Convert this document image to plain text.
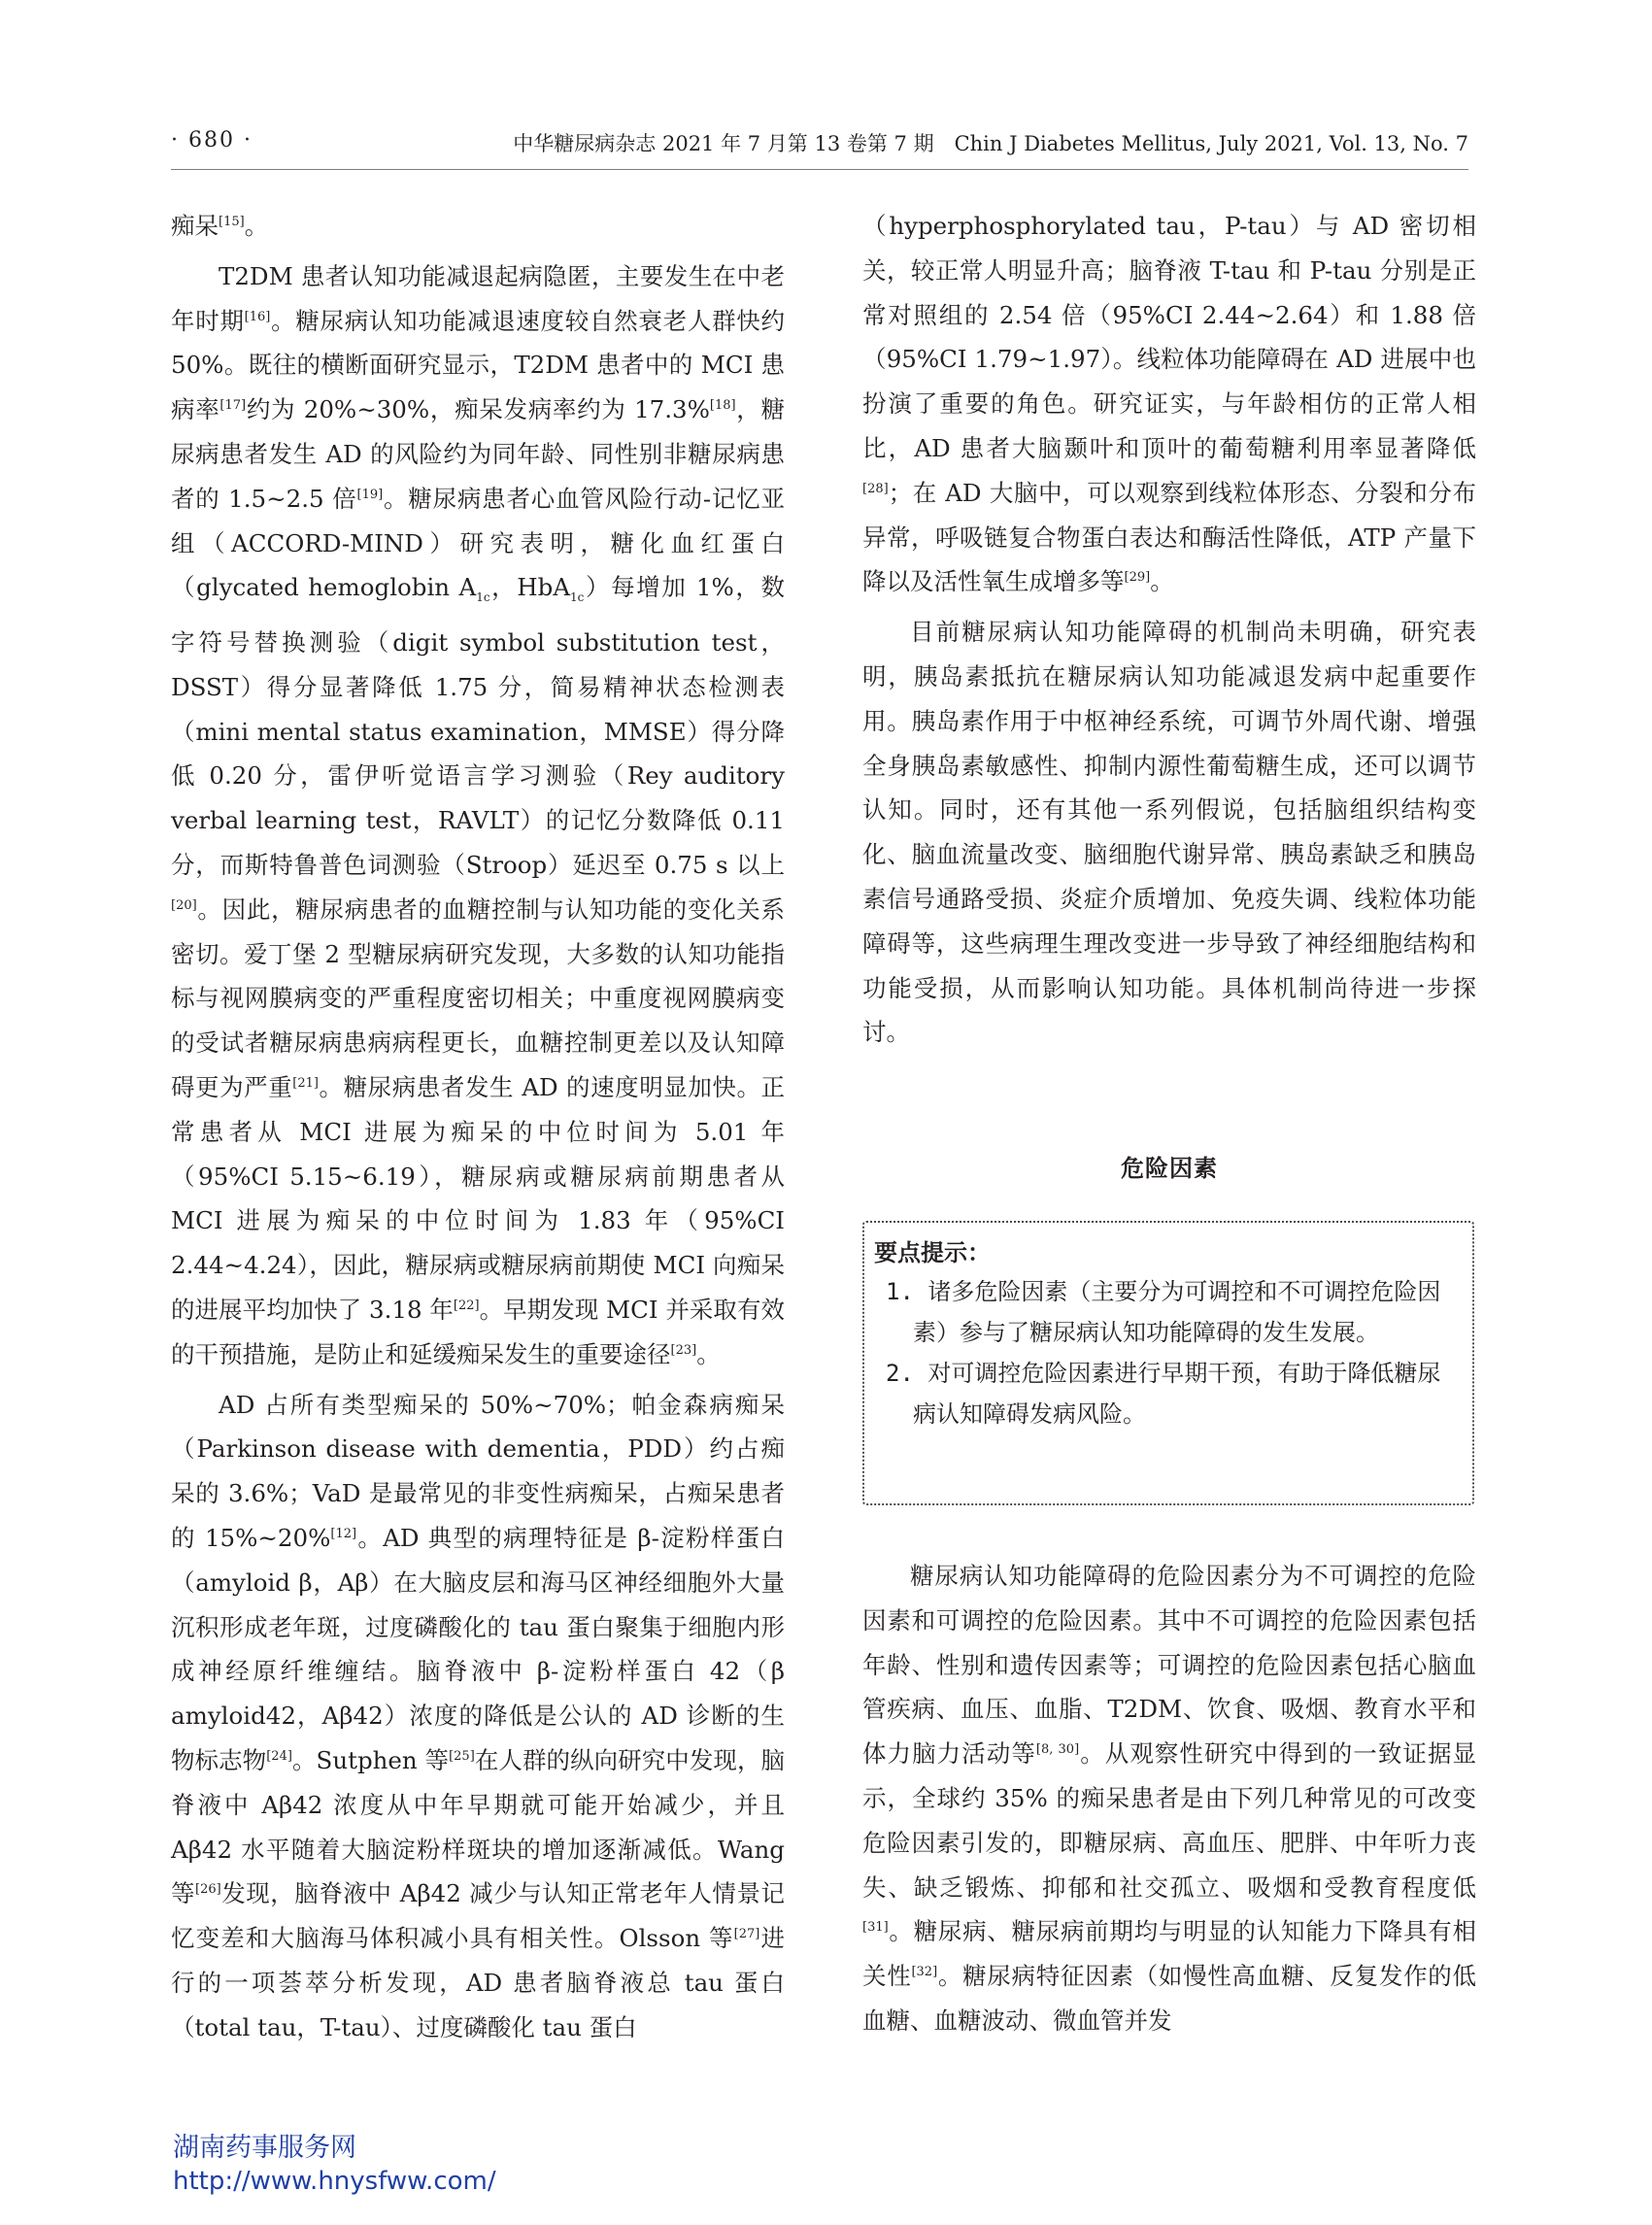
· 680 ·	中华糖尿病杂志 2021 年 7 月第 13 卷第 7 期　Chin J Diabetes Mellitus, July 2021, Vol. 13, No. 7

痴呆[15]。

T2DM 患者认知功能减退起病隐匿，主要发生在中老年时期[16]。糖尿病认知功能减退速度较自然衰老人群快约 50%。既往的横断面研究显示，T2DM 患者中的 MCI 患病率[17]约为 20%~30%，痴呆发病率约为 17.3%[18]，糖尿病患者发生 AD 的风险约为同年龄、同性别非糖尿病患者的 1.5~2.5 倍[19]。糖尿病患者心血管风险行动-记忆亚组（ACCORD-MIND）研究表明，糖化血红蛋白（glycated hemoglobin $A_{1c}$，HbA$_{1c}$）每增加 1%，数字符号替换测验（digit symbol substitution test，DSST）得分显著降低 1.75 分，简易精神状态检测表（mini mental status examination，MMSE）得分降低 0.20 分，雷伊听觉语言学习测验（Rey auditory verbal learning test，RAVLT）的记忆分数降低 0.11 分，而斯特鲁普色词测验（Stroop）延迟至 0.75 s 以上[20]。因此，糖尿病患者的血糖控制与认知功能的变化关系密切。爱丁堡 2 型糖尿病研究发现，大多数的认知功能指标与视网膜病变的严重程度密切相关；中重度视网膜病变的受试者糖尿病患病病程更长，血糖控制更差以及认知障碍更为严重[21]。糖尿病患者发生 AD 的速度明显加快。正常患者从 MCI 进展为痴呆的中位时间为 5.01 年（95%CI 5.15~6.19），糖尿病或糖尿病前期患者从 MCI 进展为痴呆的中位时间为 1.83 年（95%CI 2.44~4.24），因此，糖尿病或糖尿病前期使 MCI 向痴呆的进展平均加快了 3.18 年[22]。早期发现 MCI 并采取有效的干预措施，是防止和延缓痴呆发生的重要途径[23]。

AD 占所有类型痴呆的 50%~70%；帕金森病痴呆（Parkinson disease with dementia，PDD）约占痴呆的 3.6%；VaD 是最常见的非变性病痴呆，占痴呆患者的 15%~20%[12]。AD 典型的病理特征是 β-淀粉样蛋白（amyloid β，Aβ）在大脑皮层和海马区神经细胞外大量沉积形成老年斑，过度磷酸化的 tau 蛋白聚集于细胞内形成神经原纤维缠结。脑脊液中 β-淀粉样蛋白 42（β amyloid42，Aβ42）浓度的降低是公认的 AD 诊断的生物标志物[24]。Sutphen 等[25]在人群的纵向研究中发现，脑脊液中 Aβ42 浓度从中年早期就可能开始减少，并且 Aβ42 水平随着大脑淀粉样斑块的增加逐渐减低。Wang 等[26]发现，脑脊液中 Aβ42 减少与认知正常老年人情景记忆变差和大脑海马体积减小具有相关性。Olsson 等[27]进行的一项荟萃分析发现，AD 患者脑脊液总 tau 蛋白（total tau，T-tau）、过度磷酸化 tau 蛋白

（hyperphosphorylated tau，P-tau）与 AD 密切相关，较正常人明显升高；脑脊液 T-tau 和 P-tau 分别是正常对照组的 2.54 倍（95%CI 2.44~2.64）和 1.88 倍（95%CI 1.79~1.97）。线粒体功能障碍在 AD 进展中也扮演了重要的角色。研究证实，与年龄相仿的正常人相比，AD 患者大脑颞叶和顶叶的葡萄糖利用率显著降低[28]；在 AD 大脑中，可以观察到线粒体形态、分裂和分布异常，呼吸链复合物蛋白表达和酶活性降低，ATP 产量下降以及活性氧生成增多等[29]。

目前糖尿病认知功能障碍的机制尚未明确，研究表明，胰岛素抵抗在糖尿病认知功能减退发病中起重要作用。胰岛素作用于中枢神经系统，可调节外周代谢、增强全身胰岛素敏感性、抑制内源性葡萄糖生成，还可以调节认知。同时，还有其他一系列假说，包括脑组织结构变化、脑血流量改变、脑细胞代谢异常、胰岛素缺乏和胰岛素信号通路受损、炎症介质增加、免疫失调、线粒体功能障碍等，这些病理生理改变进一步导致了神经细胞结构和功能受损，从而影响认知功能。具体机制尚待进一步探讨。

危险因素
要点提示：
1. 诸多危险因素（主要分为可调控和不可调控危险因素）参与了糖尿病认知功能障碍的发生发展。
2. 对可调控危险因素进行早期干预，有助于降低糖尿病认知障碍发病风险。

糖尿病认知功能障碍的危险因素分为不可调控的危险因素和可调控的危险因素。其中不可调控的危险因素包括年龄、性别和遗传因素等；可调控的危险因素包括心脑血管疾病、血压、血脂、T2DM、饮食、吸烟、教育水平和体力脑力活动等[8, 30]。从观察性研究中得到的一致证据显示，全球约 35% 的痴呆患者是由下列几种常见的可改变危险因素引发的，即糖尿病、高血压、肥胖、中年听力丧失、缺乏锻炼、抑郁和社交孤立、吸烟和受教育程度低[31]。糖尿病、糖尿病前期均与明显的认知能力下降具有相关性[32]。糖尿病特征因素（如慢性高血糖、反复发作的低血糖、血糖波动、微血管并发

湖南药事服务网
http://www.hnysfww.com/
